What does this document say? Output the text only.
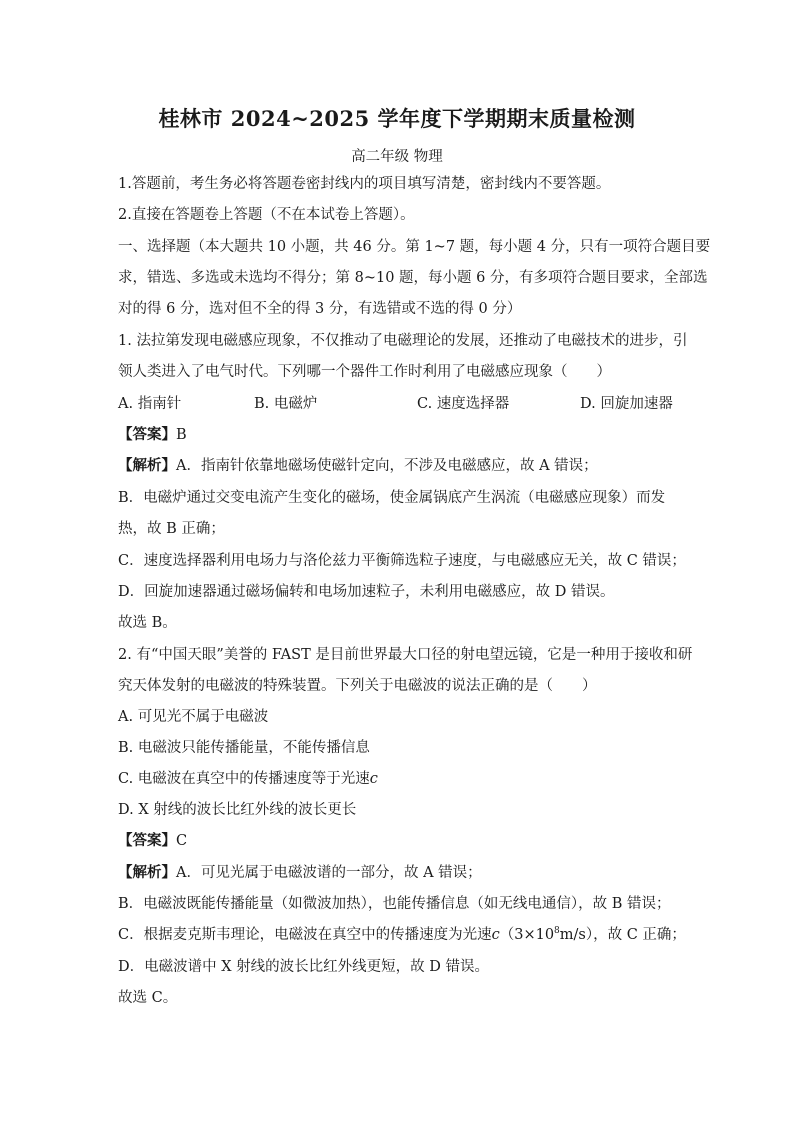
桂林市 2024~2025 学年度下学期期末质量检测
高二年级 物理
1.答题前，考生务必将答题卷密封线内的项目填写清楚，密封线内不要答题。
2.直接在答题卷上答题（不在本试卷上答题）。
一、选择题（本大题共 10 小题，共 46 分。第 1~7 题，每小题 4 分，只有一项符合题目要
求，错选、多选或未选均不得分；第 8~10 题，每小题 6 分，有多项符合题目要求，全部选
对的得 6 分，选对但不全的得 3 分，有选错或不选的得 0 分）
1. 法拉第发现电磁感应现象，不仅推动了电磁理论的发展，还推动了电磁技术的进步，引
领人类进入了电气时代。下列哪一个器件工作时利用了电磁感应现象（　　）
A. 指南针	B. 电磁炉	C. 速度选择器	D. 回旋加速器
【答案】B
【解析】A．指南针依靠地磁场使磁针定向，不涉及电磁感应，故 A 错误；
B．电磁炉通过交变电流产生变化的磁场，使金属锅底产生涡流（电磁感应现象）而发
热，故 B 正确；
C．速度选择器利用电场力与洛伦兹力平衡筛选粒子速度，与电磁感应无关，故 C 错误；
D．回旋加速器通过磁场偏转和电场加速粒子，未利用电磁感应，故 D 错误。
故选 B。
2. 有“中国天眼”美誉的 FAST 是目前世界最大口径的射电望远镜，它是一种用于接收和研
究天体发射的电磁波的特殊装置。下列关于电磁波的说法正确的是（　　）
A. 可见光不属于电磁波
B. 电磁波只能传播能量，不能传播信息
C. 电磁波在真空中的传播速度等于光速c
D. X 射线的波长比红外线的波长更长
【答案】C
【解析】A．可见光属于电磁波谱的一部分，故 A 错误；
B．电磁波既能传播能量（如微波加热），也能传播信息（如无线电通信），故 B 错误；
C．根据麦克斯韦理论，电磁波在真空中的传播速度为光速$c(3\times 10^8m/s)$，故 C 正确；
D．电磁波谱中 X 射线的波长比红外线更短，故 D 错误。
故选 C。
